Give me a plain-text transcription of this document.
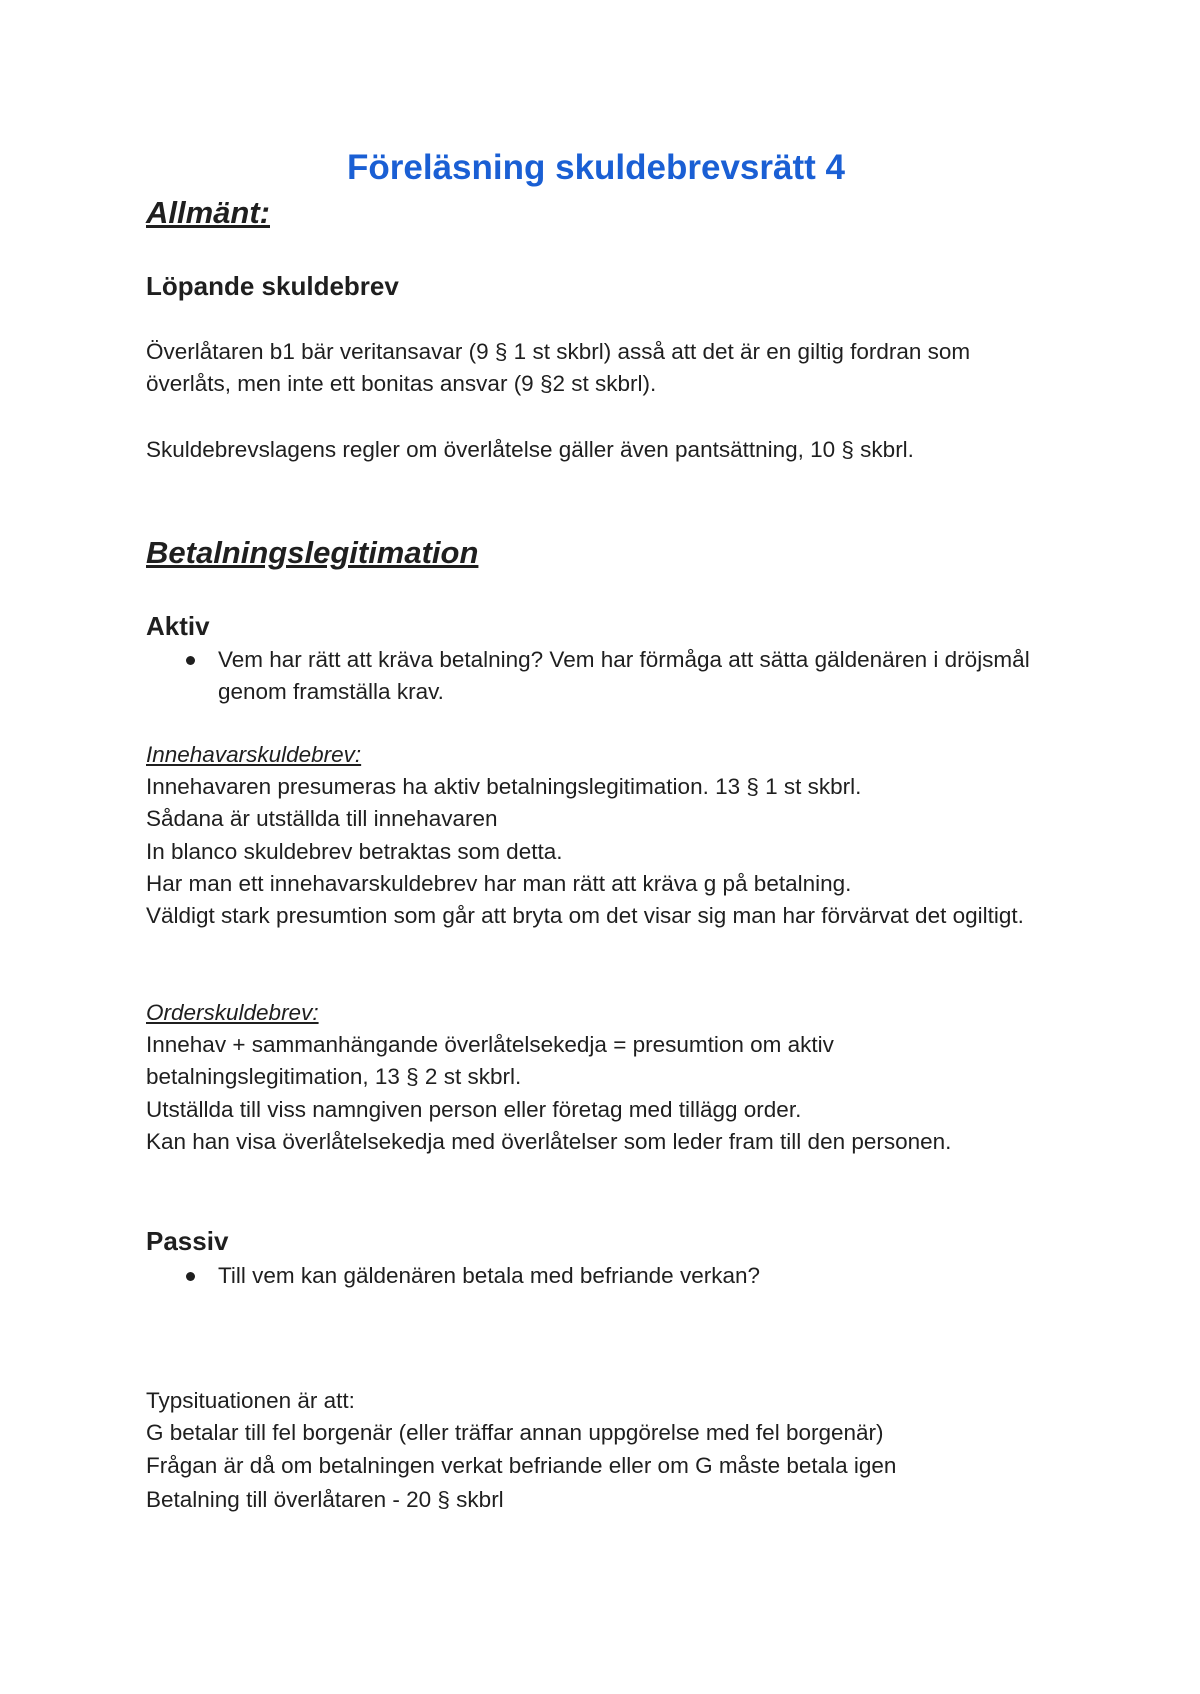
Föreläsning skuldebrevsrätt 4
Allmänt:
Löpande skuldebrev

Överlåtaren b1 bär veritansavar (9 § 1 st skbrl) asså att det är en giltig fordran som överlåts, men inte ett bonitas ansvar (9 §2 st skbrl).

Skuldebrevslagens regler om överlåtelse gäller även pantsättning, 10 § skbrl.

Betalningslegitimation
Aktiv
Vem har rätt att kräva betalning? Vem har förmåga att sätta gäldenären i dröjsmål genom framställa krav.

Innehavarskuldebrev:

Innehavaren presumeras ha aktiv betalningslegitimation. 13 § 1 st skbrl.
Sådana är utställda till innehavaren
In blanco skuldebrev betraktas som detta.
Har man ett innehavarskuldebrev har man rätt att kräva g på betalning.
Väldigt stark presumtion som går att bryta om det visar sig man har förvärvat det ogiltigt.

Orderskuldebrev:

Innehav + sammanhängande överlåtelsekedja = presumtion om aktiv betalningslegitimation, 13 § 2 st skbrl.
Utställda till viss namngiven person eller företag med tillägg order.
Kan han visa överlåtelsekedja med överlåtelser som leder fram till den personen.
Passiv
Till vem kan gäldenären betala med befriande verkan?
Typsituationen är att:
G betalar till fel borgenär (eller träffar annan uppgörelse med fel borgenär)
Frågan är då om betalningen verkat befriande eller om G måste betala igen

Betalning till överlåtaren - 20 § skbrl
